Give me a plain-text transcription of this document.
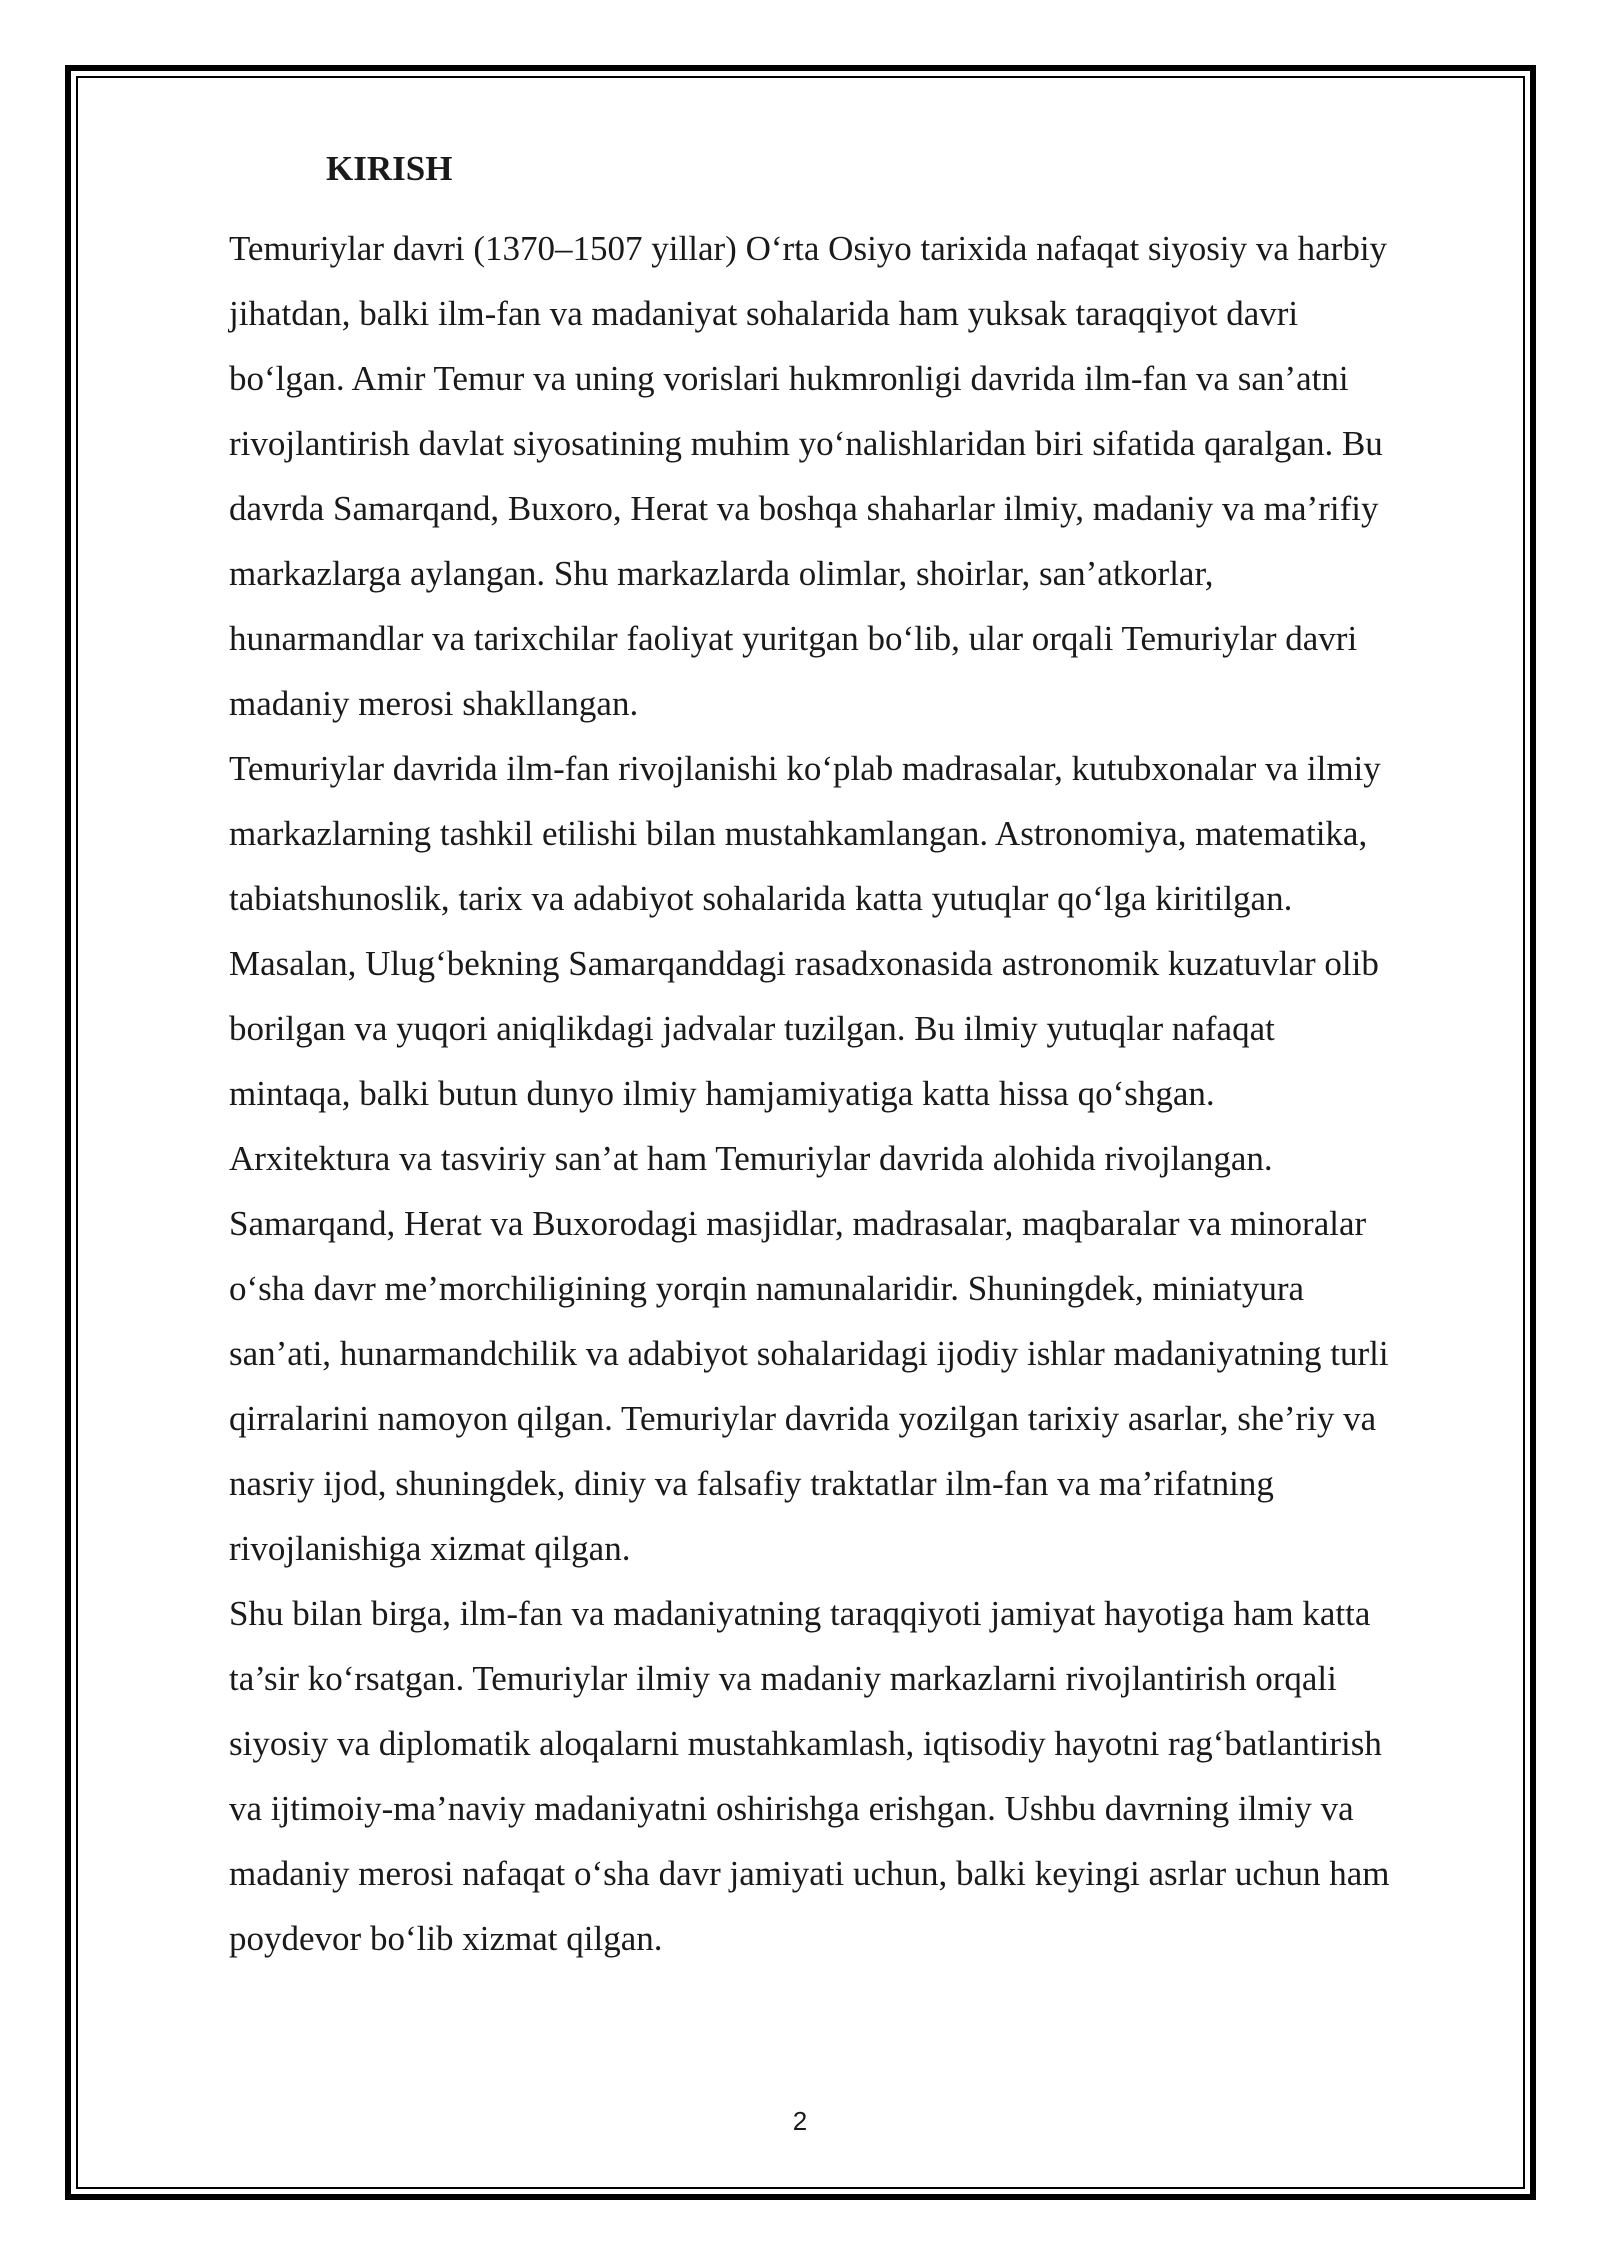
KIRISH
Temuriylar davri (1370–1507 yillar) O‘rta Osiyo tarixida nafaqat siyosiy va harbiy
jihatdan, balki ilm-fan va madaniyat sohalarida ham yuksak taraqqiyot davri
bo‘lgan. Amir Temur va uning vorislari hukmronligi davrida ilm-fan va san’atni
rivojlantirish davlat siyosatining muhim yo‘nalishlaridan biri sifatida qaralgan. Bu
davrda Samarqand, Buxoro, Herat va boshqa shaharlar ilmiy, madaniy va ma’rifiy
markazlarga aylangan. Shu markazlarda olimlar, shoirlar, san’atkorlar,
hunarmandlar va tarixchilar faoliyat yuritgan bo‘lib, ular orqali Temuriylar davri
madaniy merosi shakllangan.
Temuriylar davrida ilm-fan rivojlanishi ko‘plab madrasalar, kutubxonalar va ilmiy
markazlarning tashkil etilishi bilan mustahkamlangan. Astronomiya, matematika,
tabiatshunoslik, tarix va adabiyot sohalarida katta yutuqlar qo‘lga kiritilgan.
Masalan, Ulug‘bekning Samarqanddagi rasadxonasida astronomik kuzatuvlar olib
borilgan va yuqori aniqlikdagi jadvalar tuzilgan. Bu ilmiy yutuqlar nafaqat
mintaqa, balki butun dunyo ilmiy hamjamiyatiga katta hissa qo‘shgan.
Arxitektura va tasviriy san’at ham Temuriylar davrida alohida rivojlangan.
Samarqand, Herat va Buxorodagi masjidlar, madrasalar, maqbaralar va minoralar
o‘sha davr me’morchiligining yorqin namunalaridir. Shuningdek, miniatyura
san’ati, hunarmandchilik va adabiyot sohalaridagi ijodiy ishlar madaniyatning turli
qirralarini namoyon qilgan. Temuriylar davrida yozilgan tarixiy asarlar, she’riy va
nasriy ijod, shuningdek, diniy va falsafiy traktatlar ilm-fan va ma’rifatning
rivojlanishiga xizmat qilgan.
Shu bilan birga, ilm-fan va madaniyatning taraqqiyoti jamiyat hayotiga ham katta
ta’sir ko‘rsatgan. Temuriylar ilmiy va madaniy markazlarni rivojlantirish orqali
siyosiy va diplomatik aloqalarni mustahkamlash, iqtisodiy hayotni rag‘batlantirish
va ijtimoiy-ma’naviy madaniyatni oshirishga erishgan. Ushbu davrning ilmiy va
madaniy merosi nafaqat o‘sha davr jamiyati uchun, balki keyingi asrlar uchun ham
poydevor bo‘lib xizmat qilgan.
2
